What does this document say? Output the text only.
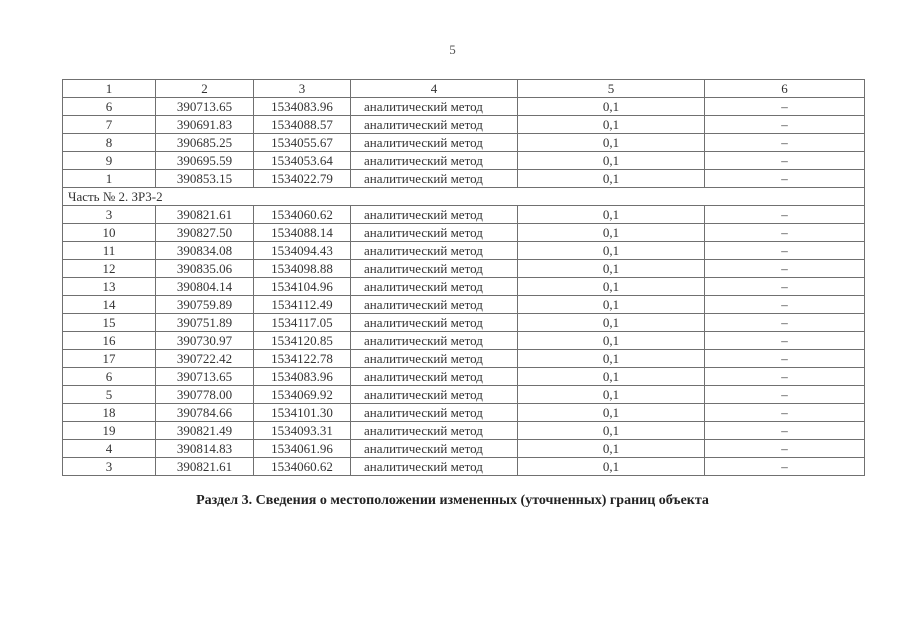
5
1	2	3	4	5	6
6	390713.65	1534083.96	аналитический метод	0,1	–
7	390691.83	1534088.57	аналитический метод	0,1	–
8	390685.25	1534055.67	аналитический метод	0,1	–
9	390695.59	1534053.64	аналитический метод	0,1	–
1	390853.15	1534022.79	аналитический метод	0,1	–
Часть № 2. ЗР3-2					
3	390821.61	1534060.62	аналитический метод	0,1	–
10	390827.50	1534088.14	аналитический метод	0,1	–
11	390834.08	1534094.43	аналитический метод	0,1	–
12	390835.06	1534098.88	аналитический метод	0,1	–
13	390804.14	1534104.96	аналитический метод	0,1	–
14	390759.89	1534112.49	аналитический метод	0,1	–
15	390751.89	1534117.05	аналитический метод	0,1	–
16	390730.97	1534120.85	аналитический метод	0,1	–
17	390722.42	1534122.78	аналитический метод	0,1	–
6	390713.65	1534083.96	аналитический метод	0,1	–
5	390778.00	1534069.92	аналитический метод	0,1	–
18	390784.66	1534101.30	аналитический метод	0,1	–
19	390821.49	1534093.31	аналитический метод	0,1	–
4	390814.83	1534061.96	аналитический метод	0,1	–
3	390821.61	1534060.62	аналитический метод	0,1	–
Раздел 3. Сведения о местоположении измененных (уточненных) границ объекта
